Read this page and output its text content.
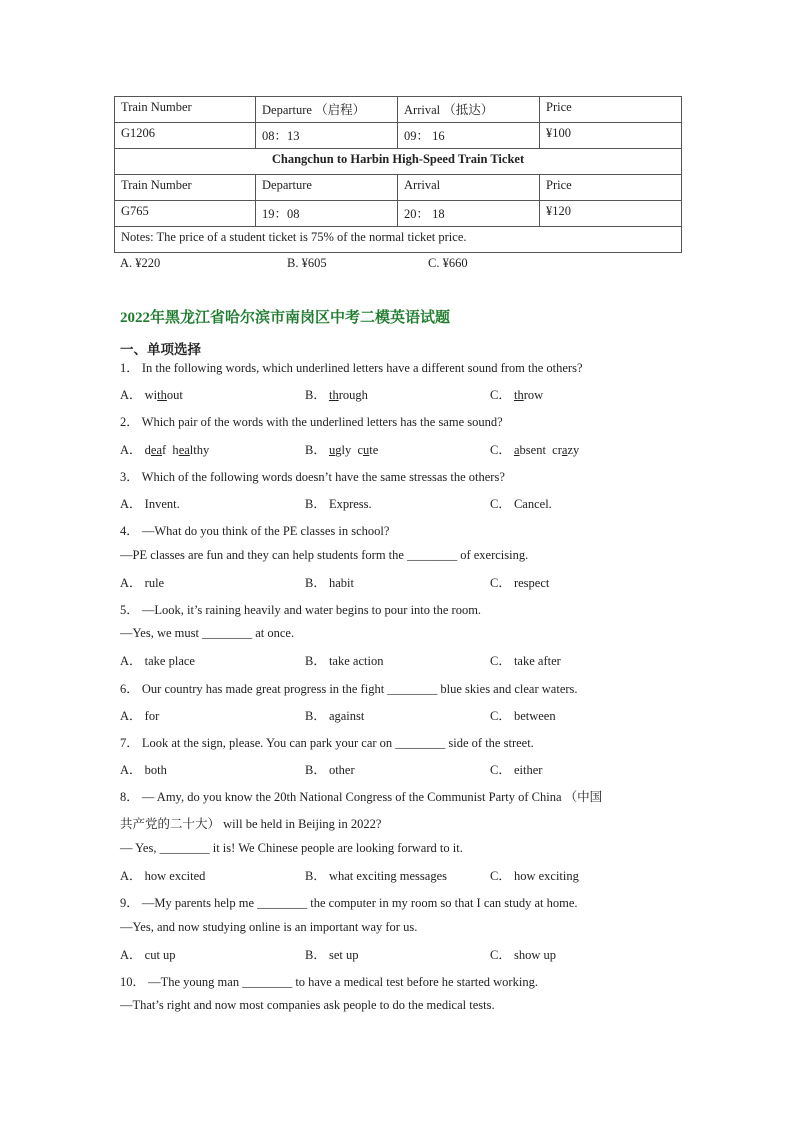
Train Number	Departure （启程）	Arrival （抵达）	Price
G1206	08：13	09： 16	¥100
Changchun to Harbin High-Speed Train Ticket			
Train Number	Departure	Arrival	Price
G765	19：08	20： 18	¥120
Notes: The price of a student ticket is 75% of the normal ticket price.			
A. ¥220	B. ¥605	C. ¥660
2022年黑龙江省哈尔滨市南岗区中考二模英语试题
一、单项选择
1． In the following words, which underlined letters have a different sound from the others?
A． without	B． through	C． throw
2． Which pair of the words with the underlined letters has the same sound?
A． deaf  healthy	B． ugly  cute	C． absent  crazy
3． Which of the following words doesn’t have the same stressas the others?
A． Invent.	B． Express.	C． Cancel.
4． —What do you think of the PE classes in school?
—PE classes are fun and they can help students form the ________ of exercising.
A． rule	B． habit	C． respect
5． —Look, it’s raining heavily and water begins to pour into the room.
—Yes, we must ________ at once.
A． take place	B． take action	C． take after
6． Our country has made great progress in the fight ________ blue skies and clear waters.
A． for	B． against	C． between
7． Look at the sign, please. You can park your car on ________ side of the street.
A． both	B． other	C． either
8． — Amy, do you know the 20th National Congress of the Communist Party of China （中国
共产党的二十大） will be held in Beijing in 2022?
— Yes, ________ it is! We Chinese people are looking forward to it.
A． how excited	B． what exciting messages	C． how exciting
9． —My parents help me ________ the computer in my room so that I can study at home.
—Yes, and now studying online is an important way for us.
A． cut up	B． set up	C． show up
10． —The young man ________ to have a medical test before he started working.
—That’s right and now most companies ask people to do the medical tests.
